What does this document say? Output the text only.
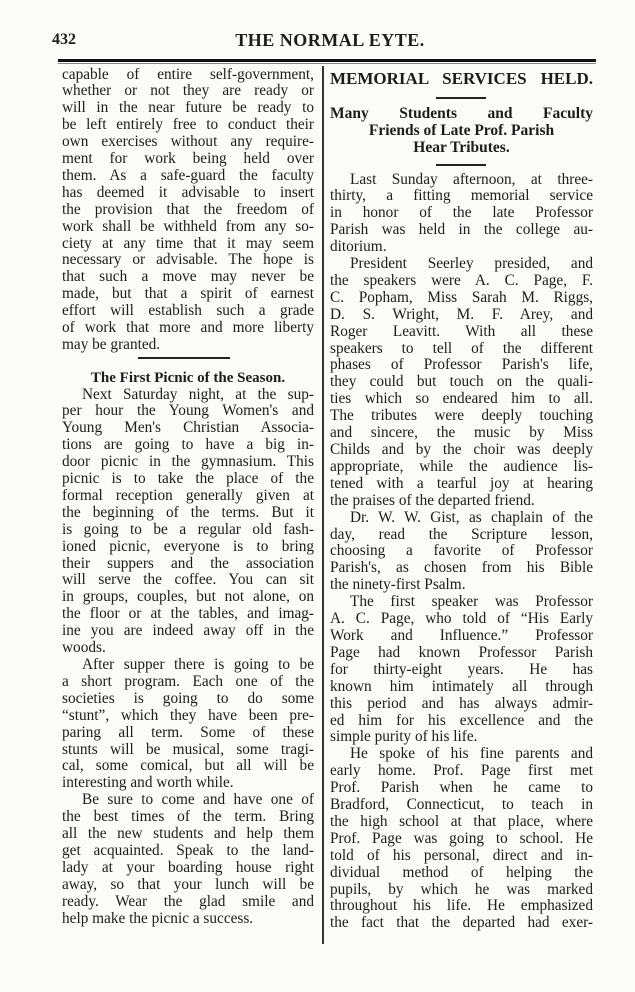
432	THE NORMAL EYTE.
capable of entire self-government,
whether or not they are ready or
will in the near future be ready to
be left entirely free to conduct their
own exercises without any require-
ment for work being held over
them. As a safe-guard the faculty
has deemed it advisable to insert
the provision that the freedom of
work shall be withheld from any so-
ciety at any time that it may seem
necessary or advisable. The hope is
that such a move may never be
made, but that a spirit of earnest
effort will establish such a grade
of work that more and more liberty
may be granted.
The First Picnic of the Season.
Next Saturday night, at the sup-
per hour the Young Women's and
Young Men's Christian Associa-
tions are going to have a big in-
door picnic in the gymnasium. This
picnic is to take the place of the
formal reception generally given at
the beginning of the terms. But it
is going to be a regular old fash-
ioned picnic, everyone is to bring
their suppers and the association
will serve the coffee. You can sit
in groups, couples, but not alone, on
the floor or at the tables, and imag-
ine you are indeed away off in the
woods.
After supper there is going to be
a short program. Each one of the
societies is going to do some
“stunt”, which they have been pre-
paring all term. Some of these
stunts will be musical, some tragi-
cal, some comical, but all will be
interesting and worth while.
Be sure to come and have one of
the best times of the term. Bring
all the new students and help them
get acquainted. Speak to the land-
lady at your boarding house right
away, so that your lunch will be
ready. Wear the glad smile and
help make the picnic a success.
MEMORIAL SERVICES HELD.
Many Students and Faculty
Friends of Late Prof. Parish
Hear Tributes.
Last Sunday afternoon, at three-
thirty, a fitting memorial service
in honor of the late Professor
Parish was held in the college au-
ditorium.
President Seerley presided, and
the speakers were A. C. Page, F.
C. Popham, Miss Sarah M. Riggs,
D. S. Wright, M. F. Arey, and
Roger Leavitt. With all these
speakers to tell of the different
phases of Professor Parish's life,
they could but touch on the quali-
ties which so endeared him to all.
The tributes were deeply touching
and sincere, the music by Miss
Childs and by the choir was deeply
appropriate, while the audience lis-
tened with a tearful joy at hearing
the praises of the departed friend.
Dr. W. W. Gist, as chaplain of the
day, read the Scripture lesson,
choosing a favorite of Professor
Parish's, as chosen from his Bible
the ninety-first Psalm.
The first speaker was Professor
A. C. Page, who told of “His Early
Work and Influence.” Professor
Page had known Professor Parish
for thirty-eight years. He has
known him intimately all through
this period and has always admir-
ed him for his excellence and the
simple purity of his life.
He spoke of his fine parents and
early home. Prof. Page first met
Prof. Parish when he came to
Bradford, Connecticut, to teach in
the high school at that place, where
Prof. Page was going to school. He
told of his personal, direct and in-
dividual method of helping the
pupils, by which he was marked
throughout his life. He emphasized
the fact that the departed had exer-
